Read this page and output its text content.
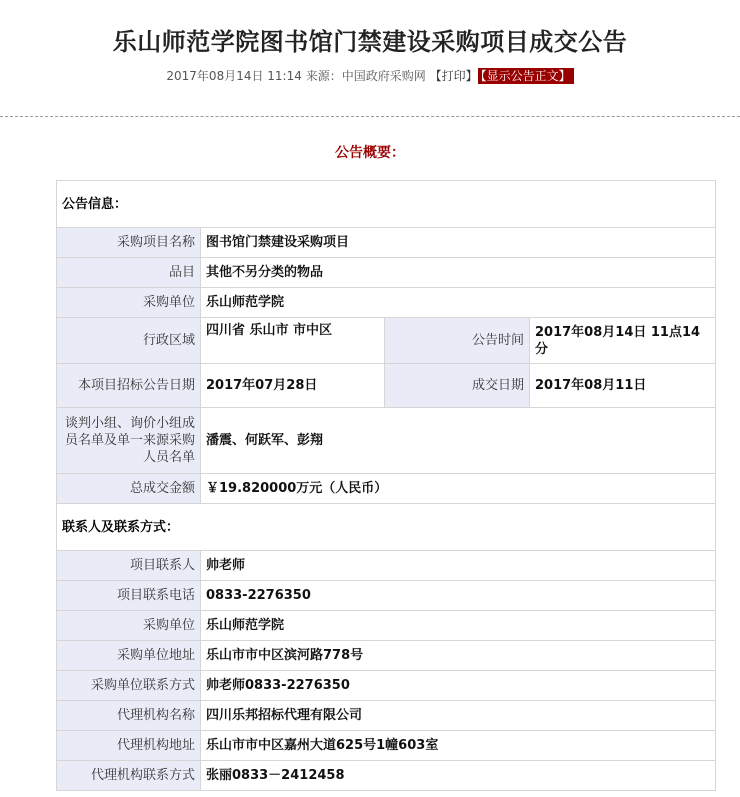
乐山师范学院图书馆门禁建设采购项目成交公告
2017年08月14日 11:14 来源：中国政府采购网 【打印】 【显示公告正文】
公告概要：
公告信息：			
采购项目名称	图书馆门禁建设采购项目		
品目	其他不另分类的物品		
采购单位	乐山师范学院		
行政区域	四川省 乐山市 市中区	公告时间	2017年08月14日 11点14分
本项目招标公告日期	2017年07月28日	成交日期	2017年08月11日
谈判小组、询价小组成员名单及单一来源采购人员名单	潘震、何跃军、彭翔		
总成交金额	￥19.820000万元（人民币）		
联系人及联系方式：			
项目联系人	帅老师		
项目联系电话	0833-2276350		
采购单位	乐山师范学院		
采购单位地址	乐山市市中区滨河路778号		
采购单位联系方式	帅老师0833-2276350		
代理机构名称	四川乐邦招标代理有限公司		
代理机构地址	乐山市市中区嘉州大道625号1幢603室		
代理机构联系方式	张丽0833－2412458		
